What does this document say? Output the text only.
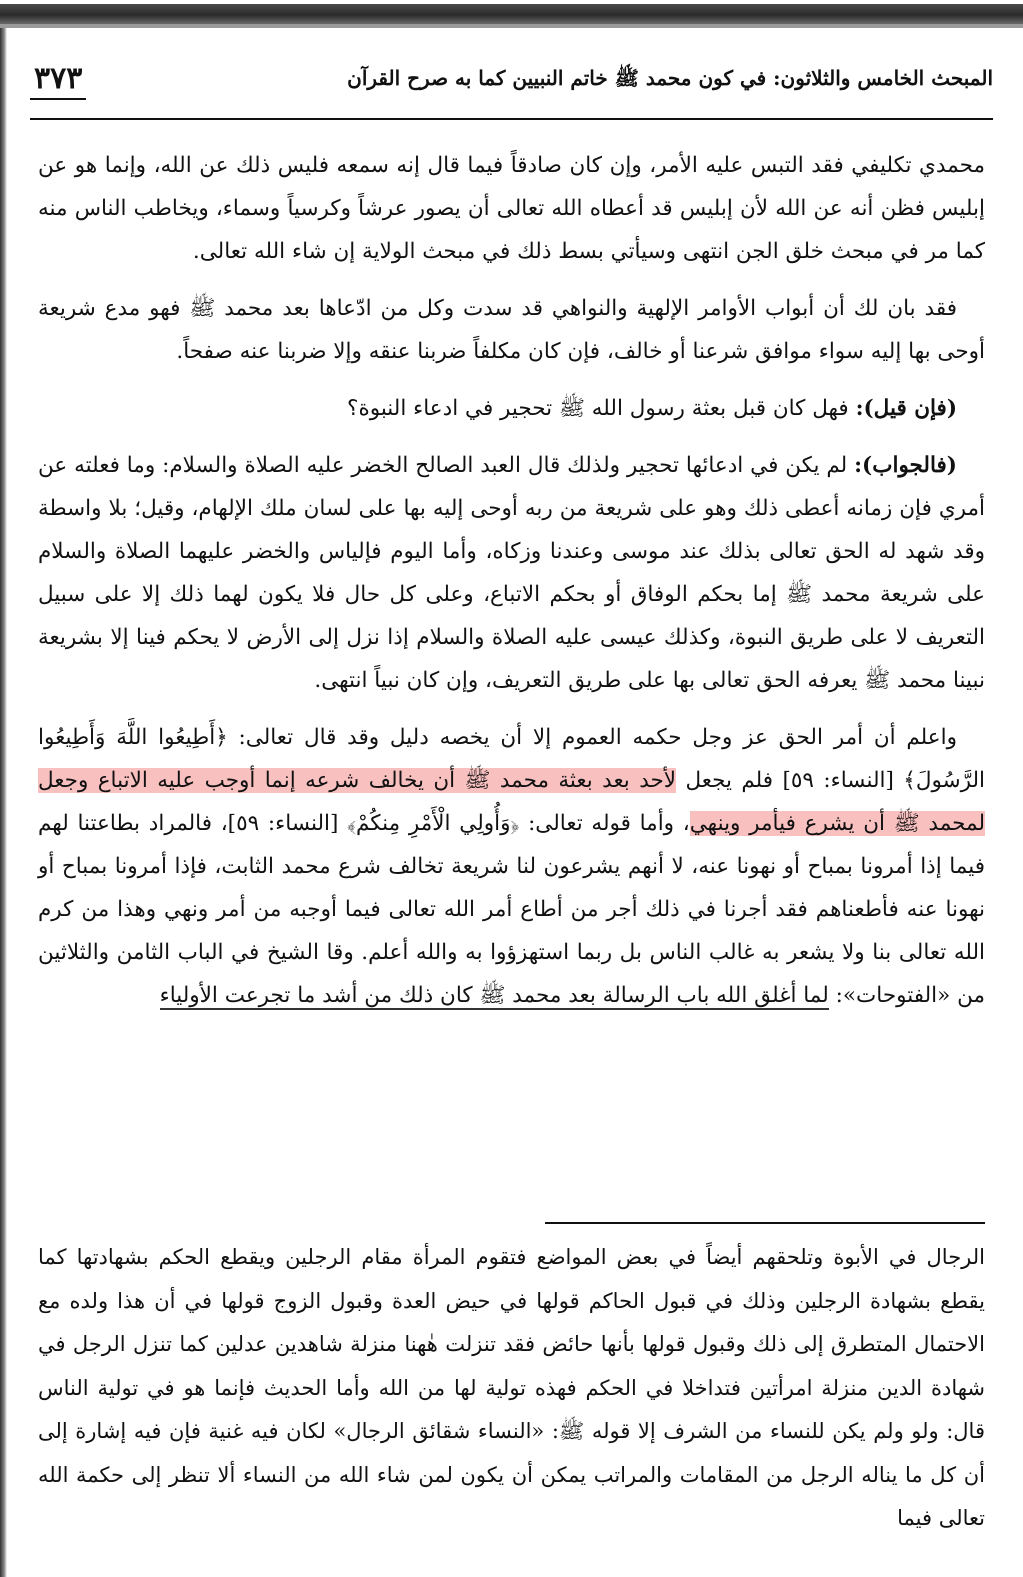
٣٧٣	المبحث الخامس والثلاثون: في كون محمد ﷺ خاتم النبيين كما به صرح القرآن

محمدي تكليفي فقد التبس عليه الأمر، وإن كان صادقاً فيما قال إنه سمعه فليس ذلك عن الله، وإنما هو عن إبليس فظن أنه عن الله لأن إبليس قد أعطاه الله تعالى أن يصور عرشاً وكرسياً وسماء، ويخاطب الناس منه كما مر في مبحث خلق الجن انتهى وسيأتي بسط ذلك في مبحث الولاية إن شاء الله تعالى.

فقد بان لك أن أبواب الأوامر الإلهية والنواهي قد سدت وكل من ادّعاها بعد محمد ﷺ فهو مدع شريعة أوحى بها إليه سواء موافق شرعنا أو خالف، فإن كان مكلفاً ضربنا عنقه وإلا ضربنا عنه صفحاً.

(فإن قيل): فهل كان قبل بعثة رسول الله ﷺ تحجير في ادعاء النبوة؟

(فالجواب): لم يكن في ادعائها تحجير ولذلك قال العبد الصالح الخضر عليه الصلاة والسلام: وما فعلته عن أمري فإن زمانه أعطى ذلك وهو على شريعة من ربه أوحى إليه بها على لسان ملك الإلهام، وقيل؛ بلا واسطة وقد شهد له الحق تعالى بذلك عند موسى وعندنا وزكاه، وأما اليوم فإلياس والخضر عليهما الصلاة والسلام على شريعة محمد ﷺ إما بحكم الوفاق أو بحكم الاتباع، وعلى كل حال فلا يكون لهما ذلك إلا على سبيل التعريف لا على طريق النبوة، وكذلك عيسى عليه الصلاة والسلام إذا نزل إلى الأرض لا يحكم فينا إلا بشريعة نبينا محمد ﷺ يعرفه الحق تعالى بها على طريق التعريف، وإن كان نبياً انتهى.

واعلم أن أمر الحق عز وجل حكمه العموم إلا أن يخصه دليل وقد قال تعالى: ﴿أَطِيعُوا اللَّهَ وَأَطِيعُوا الرَّسُولَ﴾ [النساء: ٥٩] فلم يجعل لأحد بعد بعثة محمد ﷺ أن يخالف شرعه إنما أوجب عليه الاتباع وجعل لمحمد ﷺ أن يشرع فيأمر وينهي، وأما قوله تعالى: ﴿وَأُولِي الْأَمْرِ مِنكُمْ﴾ [النساء: ٥٩]، فالمراد بطاعتنا لهم فيما إذا أمرونا بمباح أو نهونا عنه، لا أنهم يشرعون لنا شريعة تخالف شرع محمد الثابت، فإذا أمرونا بمباح أو نهونا عنه فأطعناهم فقد أجرنا في ذلك أجر من أطاع أمر الله تعالى فيما أوجبه من أمر ونهي وهذا من كرم الله تعالى بنا ولا يشعر به غالب الناس بل ربما استهزؤوا به والله أعلم. وقا الشيخ في الباب الثامن والثلاثين من «الفتوحات»: لما أغلق الله باب الرسالة بعد محمد ﷺ كان ذلك من أشد ما تجرعت الأولياء

الرجال في الأبوة وتلحقهم أيضاً في بعض المواضع فتقوم المرأة مقام الرجلين ويقطع الحكم بشهادتها كما يقطع بشهادة الرجلين وذلك في قبول الحاكم قولها في حيض العدة وقبول الزوج قولها في أن هذا ولده مع الاحتمال المتطرق إلى ذلك وقبول قولها بأنها حائض فقد تنزلت هٰهنا منزلة شاهدين عدلين كما تنزل الرجل في شهادة الدين منزلة امرأتين فتداخلا في الحكم فهذه تولية لها من الله وأما الحديث فإنما هو في تولية الناس قال: ولو ولم يكن للنساء من الشرف إلا قوله ﷺ: «النساء شقائق الرجال» لكان فيه غنية فإن فيه إشارة إلى أن كل ما يناله الرجل من المقامات والمراتب يمكن أن يكون لمن شاء الله من النساء ألا تنظر إلى حكمة الله تعالى فيما
